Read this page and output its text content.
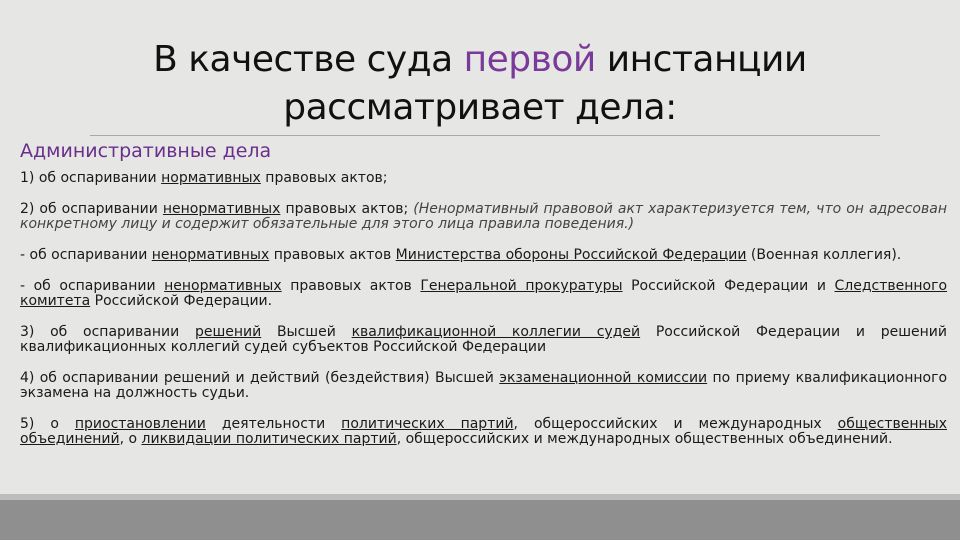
В качестве суда первой инстанции
рассматривает дела:
Административные дела

1) об оспаривании нормативных правовых актов;

2) об оспаривании ненормативных правовых актов; (Ненормативный правовой акт характеризуется тем, что он адресован конкретному лицу и содержит обязательные для этого лица правила поведения.)

- об оспаривании ненормативных правовых актов Министерства обороны Российской Федерации (Военная коллегия).

- об оспаривании ненормативных правовых актов Генеральной прокуратуры Российской Федерации и Следственного комитета Российской Федерации.

3) об оспаривании решений Высшей квалификационной коллегии судей Российской Федерации и решений квалификационных коллегий судей субъектов Российской Федерации

4) об оспаривании решений и действий (бездействия) Высшей экзаменационной комиссии по приему квалификационного экзамена на должность судьи.

5) о приостановлении деятельности политических партий, общероссийских и международных общественных объединений, о ликвидации политических партий, общероссийских и международных общественных объединений.
